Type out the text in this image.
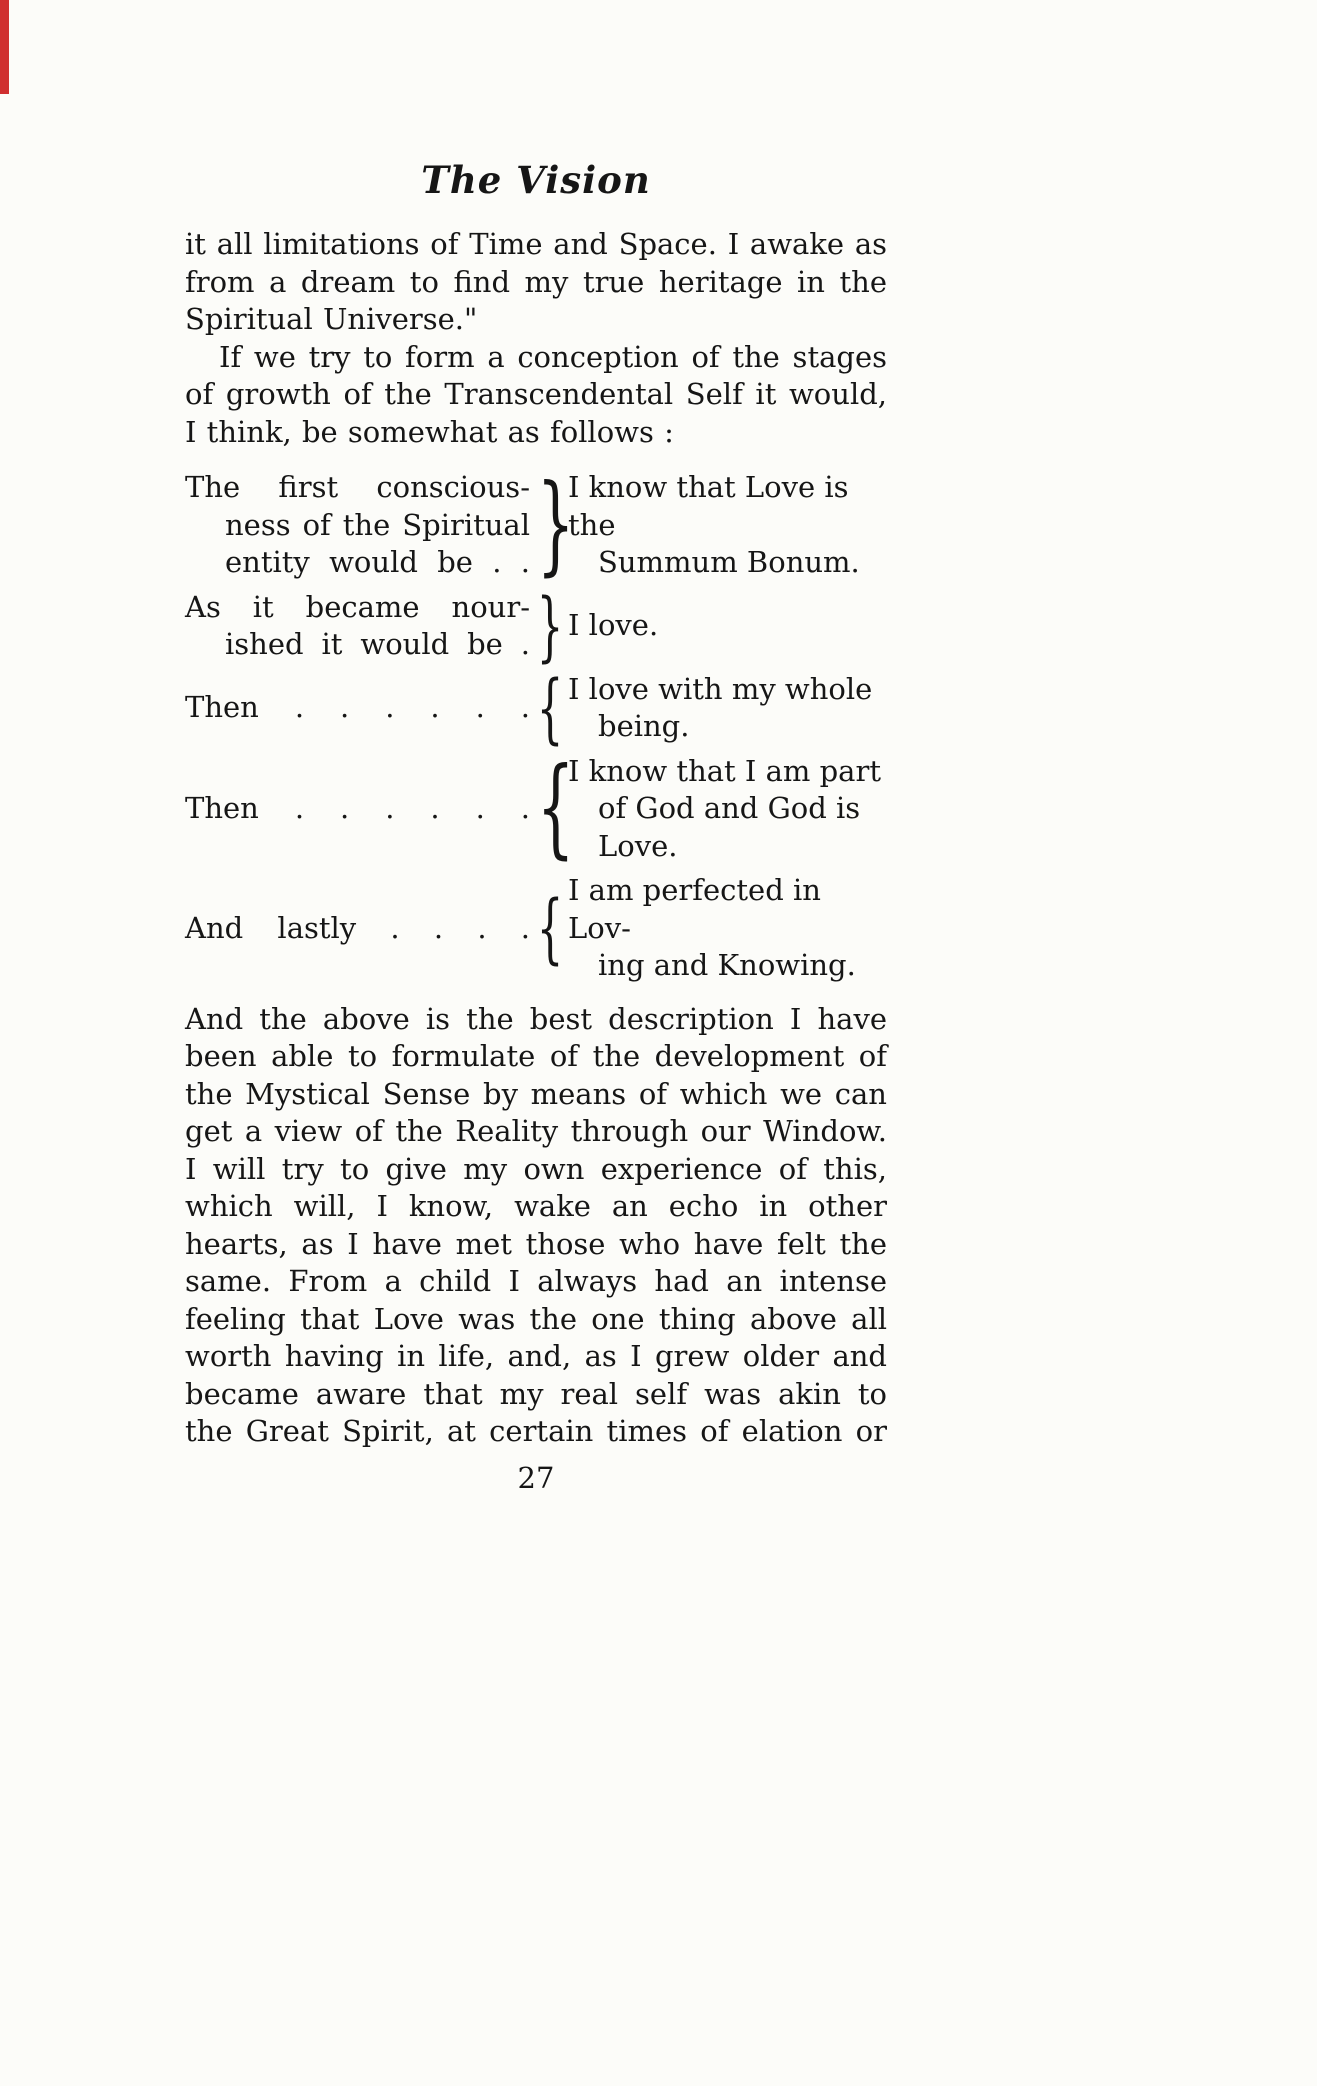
The Vision

it all limitations of Time and Space. I awake as from a dream to find my true heritage in the Spiritual Universe."

If we try to form a conception of the stages of growth of the Transcendental Self it would, I think, be somewhat as follows :

The first conscious-
ness of the Spiritual
entity would be . . }
I know that Love is the
Summum Bonum.
As it became nour-
ished it would be . } I love.
Then . . . . . . { I love with my whole
being.
Then . . . . . . {
I know that I am part
of God and God is
Love.
And lastly . . . . { I am perfected in Lov-
ing and Knowing.

And the above is the best description I have been able to formulate of the development of the Mystical Sense by means of which we can get a view of the Reality through our Window. I will try to give my own experience of this, which will, I know, wake an echo in other hearts, as I have met those who have felt the same. From a child I always had an intense feeling that Love was the one thing above all worth having in life, and, as I grew older and became aware that my real self was akin to the Great Spirit, at certain times of elation or

27
